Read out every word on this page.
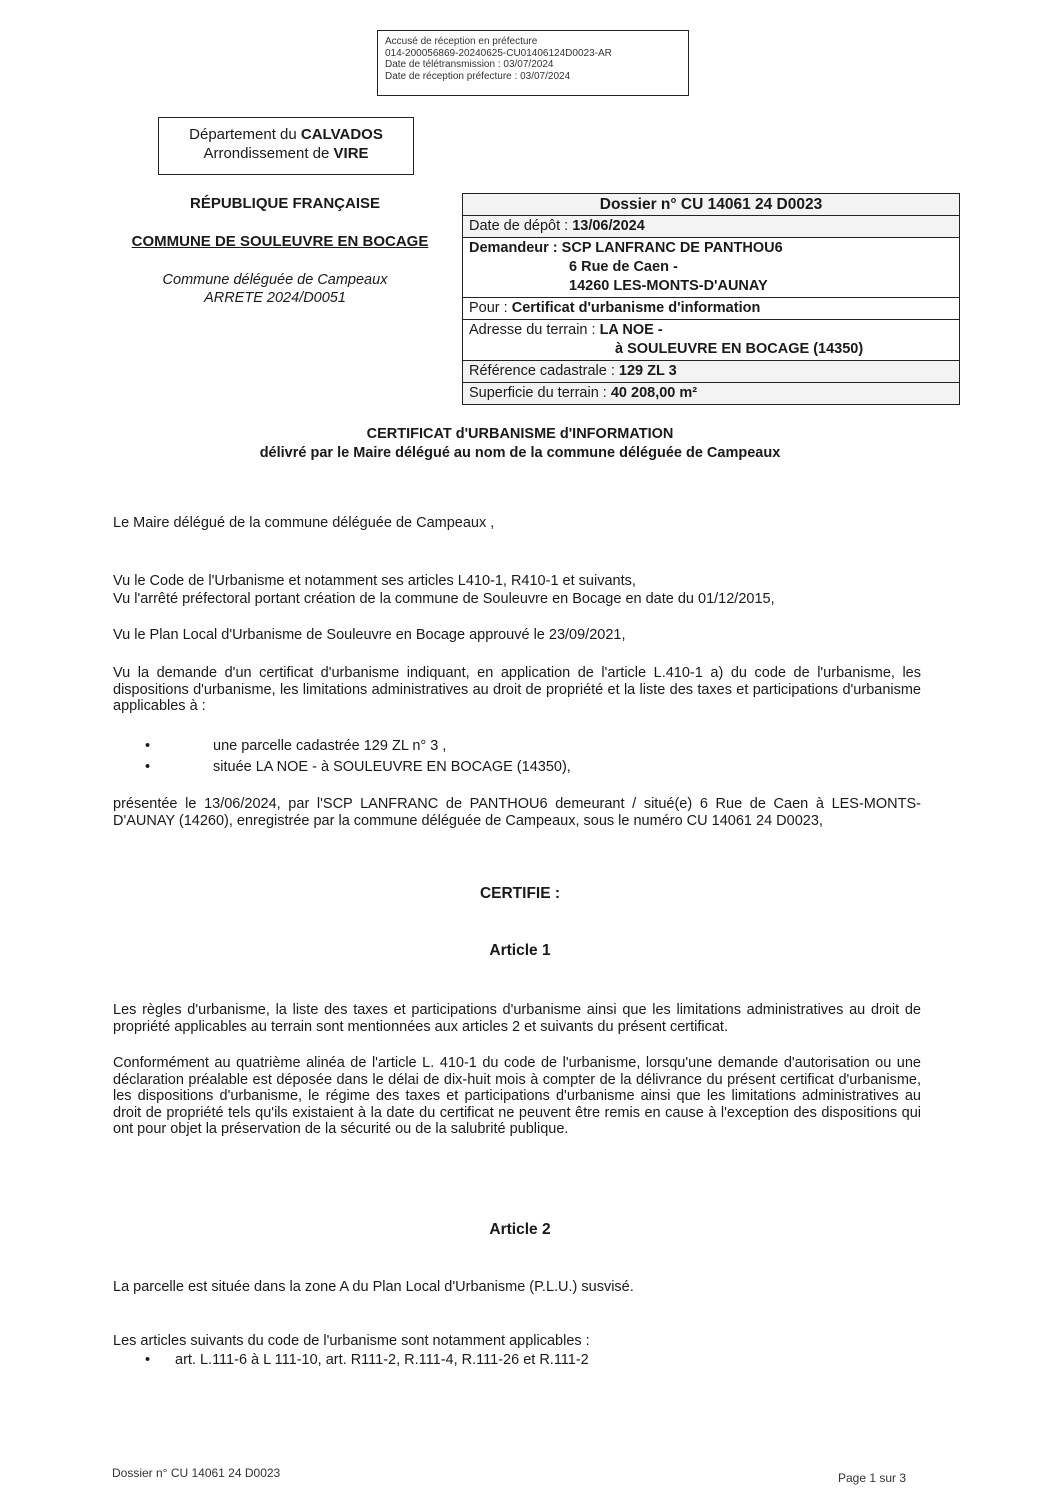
Accusé de réception en préfecture
014-200056869-20240625-CU01406124D0023-AR
Date de télétransmission : 03/07/2024
Date de réception préfecture : 03/07/2024
Département du CALVADOS
Arrondissement de VIRE
RÉPUBLIQUE FRANÇAISE
COMMUNE DE SOULEUVRE EN BOCAGE
Commune déléguée de Campeaux
ARRETE 2024/D0051
Dossier n° CU 14061 24 D0023
Date de dépôt : 13/06/2024
Demandeur : SCP LANFRANC DE PANTHOU6
6 Rue de Caen -
14260 LES-MONTS-D'AUNAY
Pour : Certificat d'urbanisme d'information
Adresse du terrain : LA NOE -
à SOULEUVRE EN BOCAGE (14350)
Référence cadastrale : 129 ZL 3
Superficie du terrain : 40 208,00 m²
CERTIFICAT d'URBANISME d'INFORMATION
délivré par le Maire délégué au nom de la commune déléguée de Campeaux
Le Maire délégué de la commune déléguée de Campeaux ,
Vu le Code de l'Urbanisme et notamment ses articles L410-1, R410-1 et suivants,
Vu l'arrêté préfectoral portant création de la commune de Souleuvre en Bocage en date du 01/12/2015,
Vu le Plan Local d'Urbanisme de Souleuvre en Bocage approuvé le 23/09/2021,
Vu la demande d'un certificat d'urbanisme indiquant, en application de l'article L.410-1 a) du code de l'urbanisme, les dispositions d'urbanisme, les limitations administratives au droit de propriété et la liste des taxes et participations d'urbanisme applicables à :
•	une parcelle cadastrée 129 ZL n° 3 ,
•	située LA NOE - à SOULEUVRE EN BOCAGE (14350),
présentée le 13/06/2024, par l'SCP LANFRANC de PANTHOU6 demeurant / situé(e) 6 Rue de Caen à LES-MONTS-D'AUNAY (14260), enregistrée par la commune déléguée de Campeaux, sous le numéro CU 14061 24 D0023,
CERTIFIE :
Article 1
Les règles d'urbanisme, la liste des taxes et participations d'urbanisme ainsi que les limitations administratives au droit de propriété applicables au terrain sont mentionnées aux articles 2 et suivants du présent certificat.
Conformément au quatrième alinéa de l'article L. 410-1 du code de l'urbanisme, lorsqu'une demande d'autorisation ou une déclaration préalable est déposée dans le délai de dix-huit mois à compter de la délivrance du présent certificat d'urbanisme, les dispositions d'urbanisme, le régime des taxes et participations d'urbanisme ainsi que les limitations administratives au droit de propriété tels qu'ils existaient à la date du certificat ne peuvent être remis en cause à l'exception des dispositions qui ont pour objet la préservation de la sécurité ou de la salubrité publique.
Article 2
La parcelle est située dans la zone A du Plan Local d'Urbanisme (P.L.U.) susvisé.
Les articles suivants du code de l'urbanisme sont notamment applicables :
• art. L.111-6 à L 111-10, art. R111-2, R.111-4, R.111-26 et R.111-2
Dossier n° CU 14061 24 D0023	Page 1 sur 3
